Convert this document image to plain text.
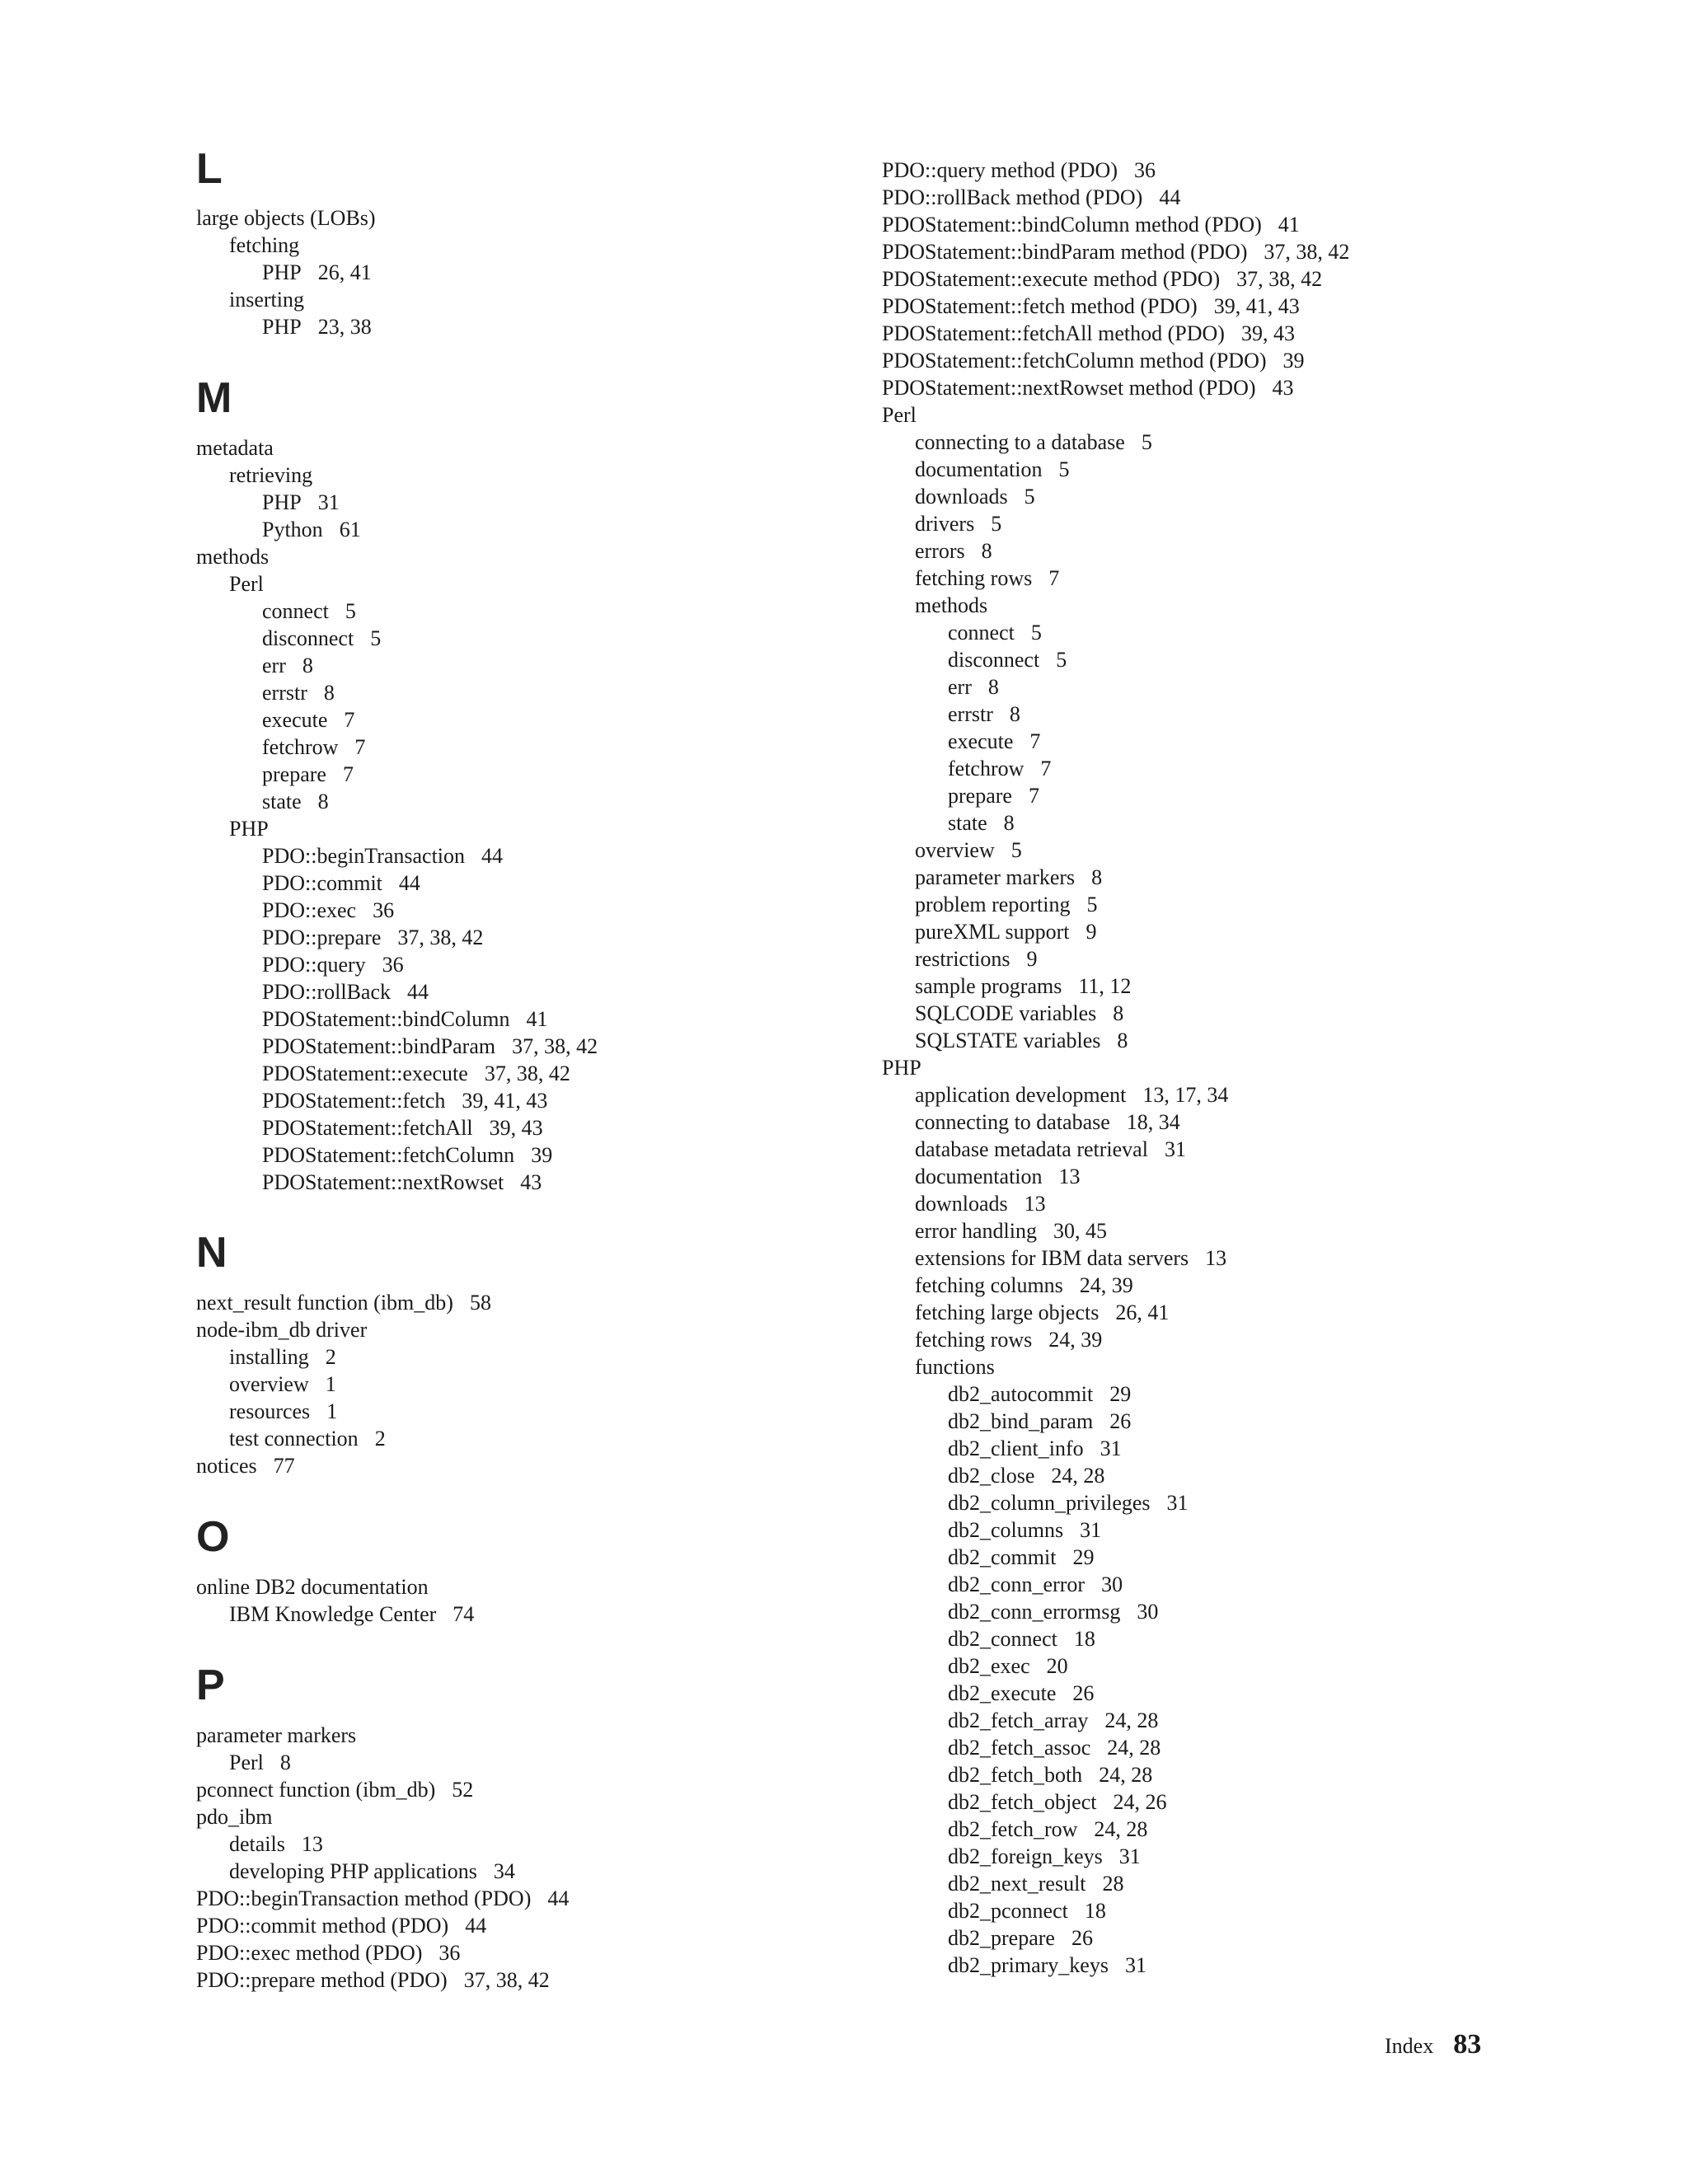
L
large objects (LOBs)
fetching
PHP 26, 41
inserting
PHP 23, 38
M
metadata
retrieving
PHP 31
Python 61
methods
Perl
connect 5
disconnect 5
err 8
errstr 8
execute 7
fetchrow 7
prepare 7
state 8
PHP
PDO::beginTransaction 44
PDO::commit 44
PDO::exec 36
PDO::prepare 37, 38, 42
PDO::query 36
PDO::rollBack 44
PDOStatement::bindColumn 41
PDOStatement::bindParam 37, 38, 42
PDOStatement::execute 37, 38, 42
PDOStatement::fetch 39, 41, 43
PDOStatement::fetchAll 39, 43
PDOStatement::fetchColumn 39
PDOStatement::nextRowset 43
N
next_result function (ibm_db) 58
node-ibm_db driver
installing 2
overview 1
resources 1
test connection 2
notices 77
O
online DB2 documentation
IBM Knowledge Center 74
P
parameter markers
Perl 8
pconnect function (ibm_db) 52
pdo_ibm
details 13
developing PHP applications 34
PDO::beginTransaction method (PDO) 44
PDO::commit method (PDO) 44
PDO::exec method (PDO) 36
PDO::prepare method (PDO) 37, 38, 42
PDO::query method (PDO) 36
PDO::rollBack method (PDO) 44
PDOStatement::bindColumn method (PDO) 41
PDOStatement::bindParam method (PDO) 37, 38, 42
PDOStatement::execute method (PDO) 37, 38, 42
PDOStatement::fetch method (PDO) 39, 41, 43
PDOStatement::fetchAll method (PDO) 39, 43
PDOStatement::fetchColumn method (PDO) 39
PDOStatement::nextRowset method (PDO) 43
Perl
connecting to a database 5
documentation 5
downloads 5
drivers 5
errors 8
fetching rows 7
methods
connect 5
disconnect 5
err 8
errstr 8
execute 7
fetchrow 7
prepare 7
state 8
overview 5
parameter markers 8
problem reporting 5
pureXML support 9
restrictions 9
sample programs 11, 12
SQLCODE variables 8
SQLSTATE variables 8
PHP
application development 13, 17, 34
connecting to database 18, 34
database metadata retrieval 31
documentation 13
downloads 13
error handling 30, 45
extensions for IBM data servers 13
fetching columns 24, 39
fetching large objects 26, 41
fetching rows 24, 39
functions
db2_autocommit 29
db2_bind_param 26
db2_client_info 31
db2_close 24, 28
db2_column_privileges 31
db2_columns 31
db2_commit 29
db2_conn_error 30
db2_conn_errormsg 30
db2_connect 18
db2_exec 20
db2_execute 26
db2_fetch_array 24, 28
db2_fetch_assoc 24, 28
db2_fetch_both 24, 28
db2_fetch_object 24, 26
db2_fetch_row 24, 28
db2_foreign_keys 31
db2_next_result 28
db2_pconnect 18
db2_prepare 26
db2_primary_keys 31
Index 83
